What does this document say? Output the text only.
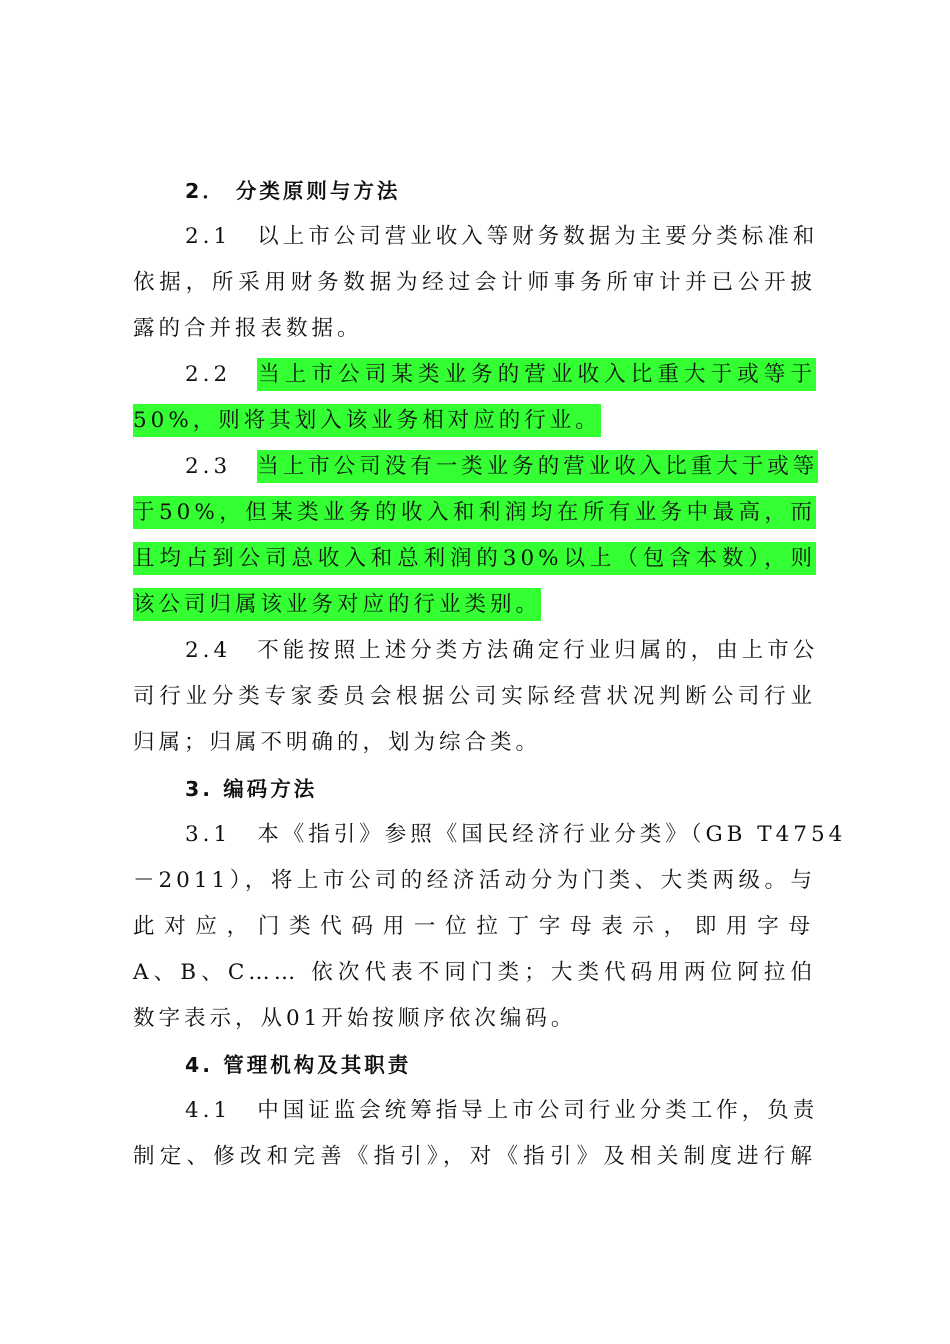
2． 分类原则与方法
2.1 以上市公司营业收入等财务数据为主要分类标准和
依据，所采用财务数据为经过会计师事务所审计并已公开披
露的合并报表数据。
2.2 当上市公司某类业务的营业收入比重大于或等于
50%，则将其划入该业务相对应的行业。
2.3 当上市公司没有一类业务的营业收入比重大于或等
于50%，但某类业务的收入和利润均在所有业务中最高，而
且均占到公司总收入和总利润的30%以上（包含本数），则
该公司归属该业务对应的行业类别。
2.4 不能按照上述分类方法确定行业归属的，由上市公
司行业分类专家委员会根据公司实际经营状况判断公司行业
归属；归属不明确的，划为综合类。
3. 编码方法
3.1 本《指引》参照《国民经济行业分类》（GB T4754
－2011），将上市公司的经济活动分为门类、大类两级。与
此对应，门类代码用一位拉丁字母表示，即用字母
A、B、C…… 依次代表不同门类；大类代码用两位阿拉伯
数字表示，从01开始按顺序依次编码。
4. 管理机构及其职责
4.1 中国证监会统筹指导上市公司行业分类工作，负责
制定、修改和完善《指引》，对《指引》及相关制度进行解
